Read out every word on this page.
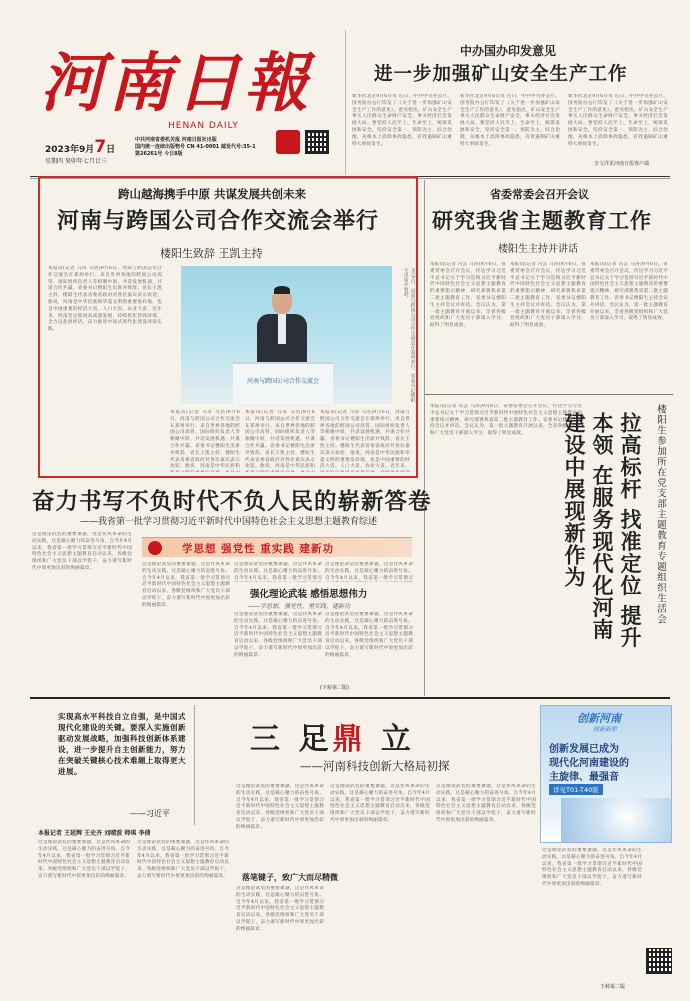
河南日報
HENAN DAILY
2023年9月7日
星期四 癸卯年七月廿三
中共河南省委机关报 河南日报社出版
国内统一连续出版物号 CN 41-0001 邮发代号:35-1
第26261号 今日8版
中办国办印发意见
进一步加强矿山安全生产工作
新华社北京9月6日电 近日，中共中央办公厅、国务院办公厅印发了《关于进一步加强矿山安全生产工作的意见》。意见指出，矿山安全生产事关人民群众生命财产安全，事关经济社会发展大局。要坚持人民至上、生命至上，统筹发展和安全，坚持安全第一、预防为主、综合治理，从根本上消除事故隐患，有效遏制矿山重特大事故发生。
新华社北京9月6日电 近日，中共中央办公厅、国务院办公厅印发了《关于进一步加强矿山安全生产工作的意见》。意见指出，矿山安全生产事关人民群众生命财产安全，事关经济社会发展大局。要坚持人民至上、生命至上，统筹发展和安全，坚持安全第一、预防为主、综合治理，从根本上消除事故隐患，有效遏制矿山重特大事故发生。
新华社北京9月6日电 近日，中共中央办公厅、国务院办公厅印发了《关于进一步加强矿山安全生产工作的意见》。意见指出，矿山安全生产事关人民群众生命财产安全，事关经济社会发展大局。要坚持人民至上、生命至上，统筹发展和安全，坚持安全第一、预防为主、综合治理，从根本上消除事故隐患，有效遏制矿山重特大事故发生。
全文详见河南日报客户端
跨山越海携手中原 共谋发展共创未来
河南与跨国公司合作交流会举行
楼阳生致辞 王凯主持
本报讯(记者 马涛 马浩)9月6日，河南与跨国公司合作交流会在郑州举行。来自世界各地的跨国公司高管、国际组织负责人等相聚中原，共话发展机遇，共谋合作共赢。省委书记楼阳生出席并致辞，省长王凯主持。楼阳生代表省委省政府对各位嘉宾表示欢迎。他说，河南是中华民族和华夏文明的重要发祥地，也是中国重要的经济大省、人口大省、农业大省。近年来，河南坚定推进高质量发展，持续优化营商环境，全力以赴拼经济，奋力推进中国式现代化建设河南实践。
河南与跨国公司合作交流会	9月6日，河南与跨国公司合作交流会在郑州举行。省委书记楼阳生出席并致辞。
本报讯(记者 马涛 马浩)9月6日，河南与跨国公司合作交流会在郑州举行。来自世界各地的跨国公司高管、国际组织负责人等相聚中原，共话发展机遇，共谋合作共赢。省委书记楼阳生出席并致辞，省长王凯主持。楼阳生代表省委省政府对各位嘉宾表示欢迎。他说，河南是中华民族和
本报讯(记者 马涛 马浩)9月6日，河南与跨国公司合作交流会在郑州举行。来自世界各地的跨国公司高管、国际组织负责人等相聚中原，共话发展机遇，共谋合作共赢。省委书记楼阳生出席并致辞，省长王凯主持。楼阳生代表省委省政府对各位嘉宾表示欢迎。他说，河南是中华民族和
本报讯(记者 马涛 马浩)9月6日，河南与跨国公司合作交流会在郑州举行。来自世界各地的跨国公司高管、国际组织负责人等相聚中原，共话发展机遇，共谋合作共赢。省委书记楼阳生出席并致辞，省长王凯主持。楼阳生代表省委省政府对各位嘉宾表示欢迎。他说，河南是中华民族和华夏文明的重要发祥地，也是中国重要的经济大省、人口大省、农业大省。近年来，
省委常委会召开会议
研究我省主题教育工作
楼阳生主持并讲话
本报讯(记者 冯芸 马涛)9月6日，省委常委会召开会议，传达学习习近平总书记关于学习贯彻习近平新时代中国特色社会主义思想主题教育的重要指示精神，研究部署我省第二批主题教育工作。省委书记楼阳生主持会议并讲话。会议认为，第一批主题教育开展以来，全省各级党组织和广大党员干部深入学习，取得了明显成效。
本报讯(记者 冯芸 马涛)9月6日，省委常委会召开会议，传达学习习近平总书记关于学习贯彻习近平新时代中国特色社会主义思想主题教育的重要指示精神，研究部署我省第二批主题教育工作。省委书记楼阳生主持会议并讲话。会议认为，第一批主题教育开展以来，全省各级党组织和广大党员干部深入学习，取得了明显成效。
本报讯(记者 冯芸 马涛)9月6日，省委常委会召开会议，传达学习习近平总书记关于学习贯彻习近平新时代中国特色社会主义思想主题教育的重要指示精神，研究部署我省第二批主题教育工作。省委书记楼阳生主持会议并讲话。会议认为，第一批主题教育开展以来，全省各级党组织和广大党员干部深入学习，取得了明显成效。
本报讯(记者 冯芸 马涛)9月6日，省委常委会召开会议，传达学习习近平总书记关于学习贯彻习近平新时代中国特色社会主义思想主题教育的重要指示精神，研究部署我省第二批主题教育工作。省委书记楼阳生主持会议并讲话。会议认为，第一批主题教育开展以来，全省各级党组织和广大党员干部深入学习，取得了明显成效。	拉高标杆 找准定位 提升本领 在服务现代化河南建设中展现新作为	楼阳生参加所在党支部主题教育专题组织生活会
奋力书写不负时代不负人民的崭新答卷
——我省第一批学习贯彻习近平新时代中国特色社会主义思想主题教育综述
这是理论武装的重要课题，这是作风革命的生动实践，这是凝心聚力的奋进号角。自今年4月以来，我省第一批学习贯彻习近平新时代中国特色社会主义思想主题教育启动以来，各级党组织和广大党员干部以学促干，奋力谱写新时代中原更加出彩的绚丽篇章。
学思想 强党性 重实践 建新功
这是理论武装的重要课题，这是作风革命的生动实践，这是凝心聚力的奋进号角。自今年4月以来，我省第一批学习贯彻习近平新时代中国特色社会主义思想主题教育启动以来，各级党组织和广大党员干部以学促干，奋力谱写新时代中原更加出彩的绚丽篇章。
这是理论武装的重要课题，这是作风革命的生动实践，这是凝心聚力的奋进号角。自今年4月以来，我省第一批学习贯彻习
这是理论武装的重要课题，这是作风革命的生动实践，这是凝心聚力的奋进号角。自今年4月以来，我省第一批学习贯彻习
强化理论武装 感悟思想伟力
——学思想，强党性，重实践，建新功
这是理论武装的重要课题，这是作风革命的生动实践，这是凝心聚力的奋进号角。自今年4月以来，我省第一批学习贯彻习近平新时代中国特色社会主义思想主题教育启动以来，各级党组织和广大党员干部以学促干，奋力谱写新时代中原更加出彩的绚丽篇章。
这是理论武装的重要课题，这是作风革命的生动实践，这是凝心聚力的奋进号角。自今年4月以来，我省第一批学习贯彻习近平新时代中国特色社会主义思想主题教育启动以来，各级党组织和广大党员干部以学促干，奋力谱写新时代中原更加出彩的绚丽篇章。
(下转第二版)
实现高水平科技自立自强，是中国式现代化建设的关键。要深入实施创新驱动发展战略，加强科技创新体系建设，进一步提升自主创新能力，努力在突破关键核心技术难题上取得更大进展。
——习近平
三 足鼎 立
——河南科技创新大格局初探
创新河南
创新新彩
创新发展已成为
现代化河南建设的
主旋律、最强音
详见T01-T40版
本报记者 王延辉 王史齐 刘晴波 师琪 李倩
这是理论武装的重要课题，这是作风革命的生动实践，这是凝心聚力的奋进号角。自今年4月以来，我省第一批学习贯彻习近平新时代中国特色社会主义思想主题教育启动以来，各级党组织和广大党员干部以学促干，奋力谱写新时代中原更加出彩的绚丽篇章。
这是理论武装的重要课题，这是作风革命的生动实践，这是凝心聚力的奋进号角。自今年4月以来，我省第一批学习贯彻习近平新时代中国特色社会主义思想主题教育启动以来，各级党组织和广大党员干部以学促干，奋力谱写新时代中原更加出彩的绚丽篇章。
这是理论武装的重要课题，这是作风革命的生动实践，这是凝心聚力的奋进号角。自今年4月以来，我省第一批学习贯彻习近平新时代中国特色社会主义思想主题教育启动以来，各级党组织和广大党员干部以学促干，奋力谱写新时代中原更加出彩的绚丽篇章。
落笔键子，致广大而尽精微
这是理论武装的重要课题，这是作风革命的生动实践，这是凝心聚力的奋进号角。自今年4月以来，我省第一批学习贯彻习近平新时代中国特色社会主义思想主题教育启动以来，各级党组织和广大党员干部以学促干，奋力谱写新时代中原更加出彩的绚丽篇章。
这是理论武装的重要课题，这是作风革命的生动实践，这是凝心聚力的奋进号角。自今年4月以来，我省第一批学习贯彻习近平新时代中国特色社会主义思想主题教育启动以来，各级党组织和广大党员干部以学促干，奋力谱写新时代中原更加出彩的绚丽篇章。
这是理论武装的重要课题，这是作风革命的生动实践，这是凝心聚力的奋进号角。自今年4月以来，我省第一批学习贯彻习近平新时代中国特色社会主义思想主题教育启动以来，各级党组织和广大党员干部以学促干，奋力谱写新时代中原更加出彩的绚丽篇章。
这是理论武装的重要课题，这是作风革命的生动实践，这是凝心聚力的奋进号角。自今年4月以来，我省第一批学习贯彻习近平新时代中国特色社会主义思想主题教育启动以来，各级党组织和广大党员干部以学促干，奋力谱写新时代中原更加出彩的绚丽篇章。
下转第二版
